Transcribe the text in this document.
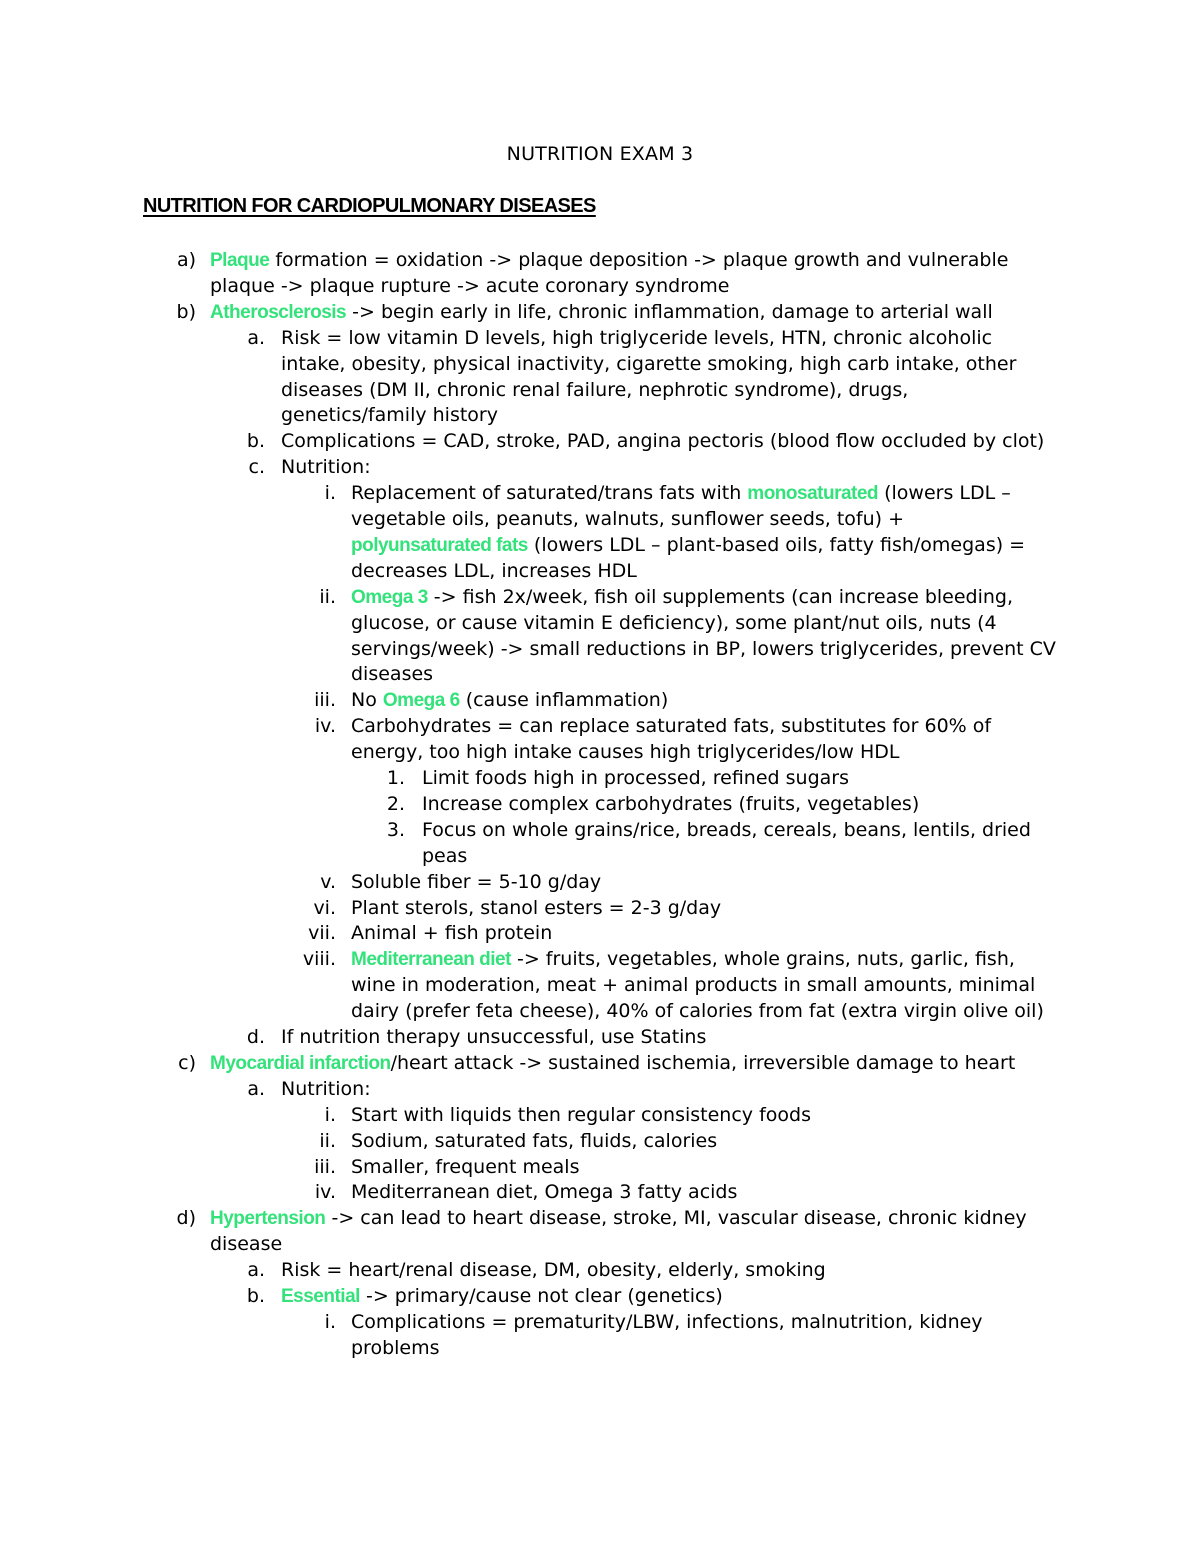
NUTRITION EXAM 3
NUTRITION FOR CARDIOPULMONARY DISEASES
a) Plaque formation = oxidation -> plaque deposition -> plaque growth and vulnerable
plaque -> plaque rupture -> acute coronary syndrome
b) Atherosclerosis -> begin early in life, chronic inflammation, damage to arterial wall
a. Risk = low vitamin D levels, high triglyceride levels, HTN, chronic alcoholic
intake, obesity, physical inactivity, cigarette smoking, high carb intake, other
diseases (DM II, chronic renal failure, nephrotic syndrome), drugs,
genetics/family history
b. Complications = CAD, stroke, PAD, angina pectoris (blood flow occluded by clot)
c. Nutrition:
i. Replacement of saturated/trans fats with monosaturated (lowers LDL –
vegetable oils, peanuts, walnuts, sunflower seeds, tofu) +
polyunsaturated fats (lowers LDL – plant-based oils, fatty fish/omegas) =
decreases LDL, increases HDL
ii. Omega 3 -> fish 2x/week, fish oil supplements (can increase bleeding,
glucose, or cause vitamin E deficiency), some plant/nut oils, nuts (4
servings/week) -> small reductions in BP, lowers triglycerides, prevent CV
diseases
iii. No Omega 6 (cause inflammation)
iv. Carbohydrates = can replace saturated fats, substitutes for 60% of
energy, too high intake causes high triglycerides/low HDL
1. Limit foods high in processed, refined sugars
2. Increase complex carbohydrates (fruits, vegetables)
3. Focus on whole grains/rice, breads, cereals, beans, lentils, dried
peas
v. Soluble fiber = 5-10 g/day
vi. Plant sterols, stanol esters = 2-3 g/day
vii. Animal + fish protein
viii. Mediterranean diet -> fruits, vegetables, whole grains, nuts, garlic, fish,
wine in moderation, meat + animal products in small amounts, minimal
dairy (prefer feta cheese), 40% of calories from fat (extra virgin olive oil)
d. If nutrition therapy unsuccessful, use Statins
c) Myocardial infarction/heart attack -> sustained ischemia, irreversible damage to heart
a. Nutrition:
i. Start with liquids then regular consistency foods
ii. Sodium, saturated fats, fluids, calories
iii. Smaller, frequent meals
iv. Mediterranean diet, Omega 3 fatty acids
d) Hypertension -> can lead to heart disease, stroke, MI, vascular disease, chronic kidney
disease
a. Risk = heart/renal disease, DM, obesity, elderly, smoking
b. Essential -> primary/cause not clear (genetics)
i. Complications = prematurity/LBW, infections, malnutrition, kidney
problems
